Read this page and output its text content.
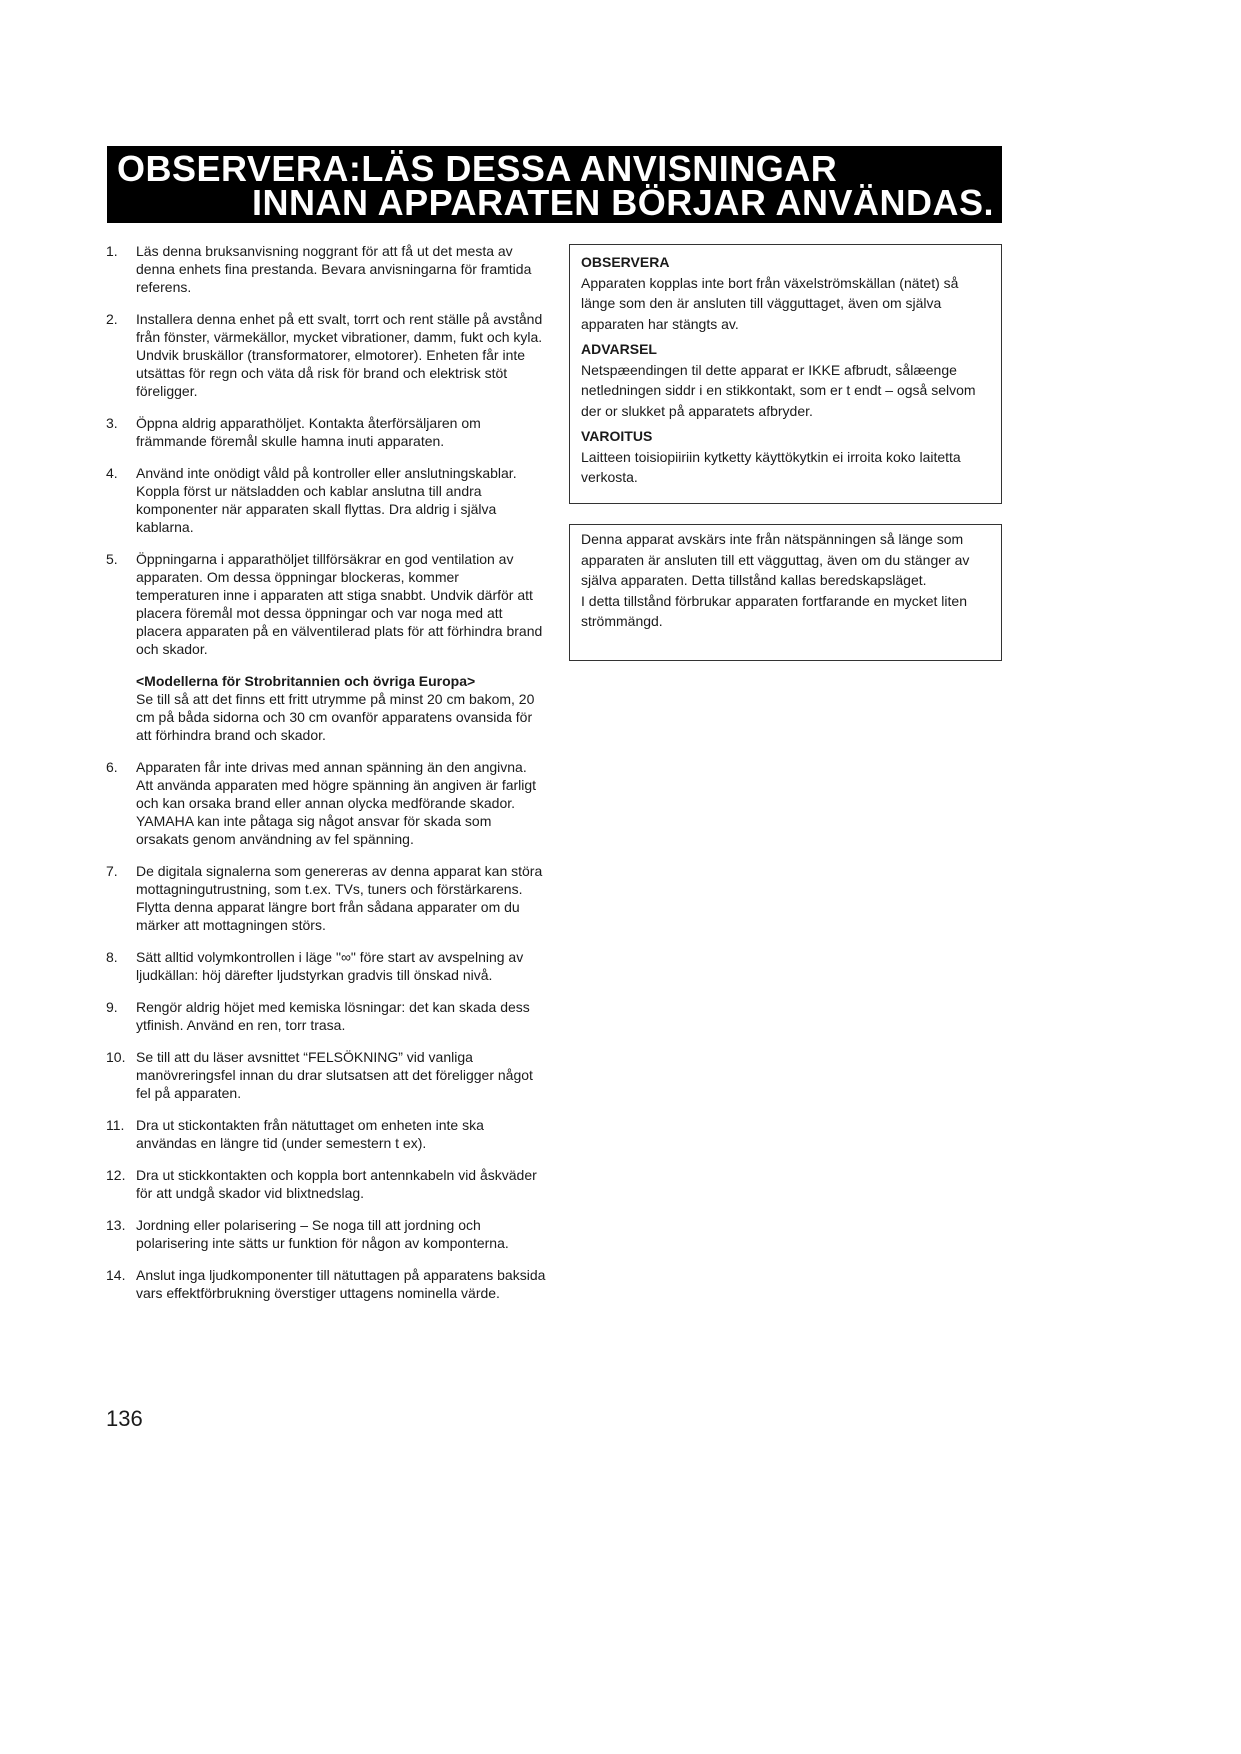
OBSERVERA:LÄS DESSA ANVISNINGAR
INNAN APPARATEN BÖRJAR ANVÄNDAS.
1. Läs denna bruksanvisning noggrant för att få ut det mesta av denna enhets fina prestanda. Bevara anvisningarna för framtida referens.
2. Installera denna enhet på ett svalt, torrt och rent ställe på avstånd från fönster, värmekällor, mycket vibrationer, damm, fukt och kyla. Undvik bruskällor (transformatorer, elmotorer). Enheten får inte utsättas för regn och väta då risk för brand och elektrisk stöt föreligger.
3. Öppna aldrig apparathöljet. Kontakta återförsäljaren om främmande föremål skulle hamna inuti apparaten.
4. Använd inte onödigt våld på kontroller eller anslutningskablar. Koppla först ur nätsladden och kablar anslutna till andra komponenter när apparaten skall flyttas. Dra aldrig i själva kablarna.
5. Öppningarna i apparathöljet tillförsäkrar en god ventilation av apparaten. Om dessa öppningar blockeras, kommer temperaturen inne i apparaten att stiga snabbt. Undvik därför att placera föremål mot dessa öppningar och var noga med att placera apparaten på en välventilerad plats för att förhindra brand och skador.
<Modellerna för Strobritannien och övriga Europa>
Se till så att det finns ett fritt utrymme på minst 20 cm bakom, 20 cm på båda sidorna och 30 cm ovanför apparatens ovansida för att förhindra brand och skador.
6. Apparaten får inte drivas med annan spänning än den angivna. Att använda apparaten med högre spänning än angiven är farligt och kan orsaka brand eller annan olycka medförande skador. YAMAHA kan inte påtaga sig något ansvar för skada som orsakats genom användning av fel spänning.
7. De digitala signalerna som genereras av denna apparat kan störa mottagningutrustning, som t.ex. TVs, tuners och förstärkarens. Flytta denna apparat längre bort från sådana apparater om du märker att mottagningen störs.
8. Sätt alltid volymkontrollen i läge "∞" före start av avspelning av ljudkällan: höj därefter ljudstyrkan gradvis till önskad nivå.
9. Rengör aldrig höjet med kemiska lösningar: det kan skada dess ytfinish. Använd en ren, torr trasa.
10. Se till att du läser avsnittet “FELSÖKNING” vid vanliga manövreringsfel innan du drar slutsatsen att det föreligger något fel på apparaten.
11. Dra ut stickontakten från nätuttaget om enheten inte ska användas en längre tid (under semestern t ex).
12. Dra ut stickkontakten och koppla bort antennkabeln vid åskväder för att undgå skador vid blixtnedslag.
13. Jordning eller polarisering – Se noga till att jordning och polarisering inte sätts ur funktion för någon av komponterna.
14. Anslut inga ljudkomponenter till nätuttagen på apparatens baksida vars effektförbrukning överstiger uttagens nominella värde.
OBSERVERA
Apparaten kopplas inte bort från växelströmskällan (nätet) så länge som den är ansluten till vägguttaget, även om själva apparaten har stängts av.
ADVARSEL
Netspæendingen til dette apparat er IKKE afbrudt, sålæenge netledningen siddr i en stikkontakt, som er t endt – også selvom der or slukket på apparatets afbryder.
VAROITUS
Laitteen toisiopiiriin kytketty käyttökytkin ei irroita koko laitetta verkosta.
Denna apparat avskärs inte från nätspänningen så länge som apparaten är ansluten till ett vägguttag, även om du stänger av själva apparaten. Detta tillstånd kallas beredskapsläget.
I detta tillstånd förbrukar apparaten fortfarande en mycket liten strömmängd.
136
